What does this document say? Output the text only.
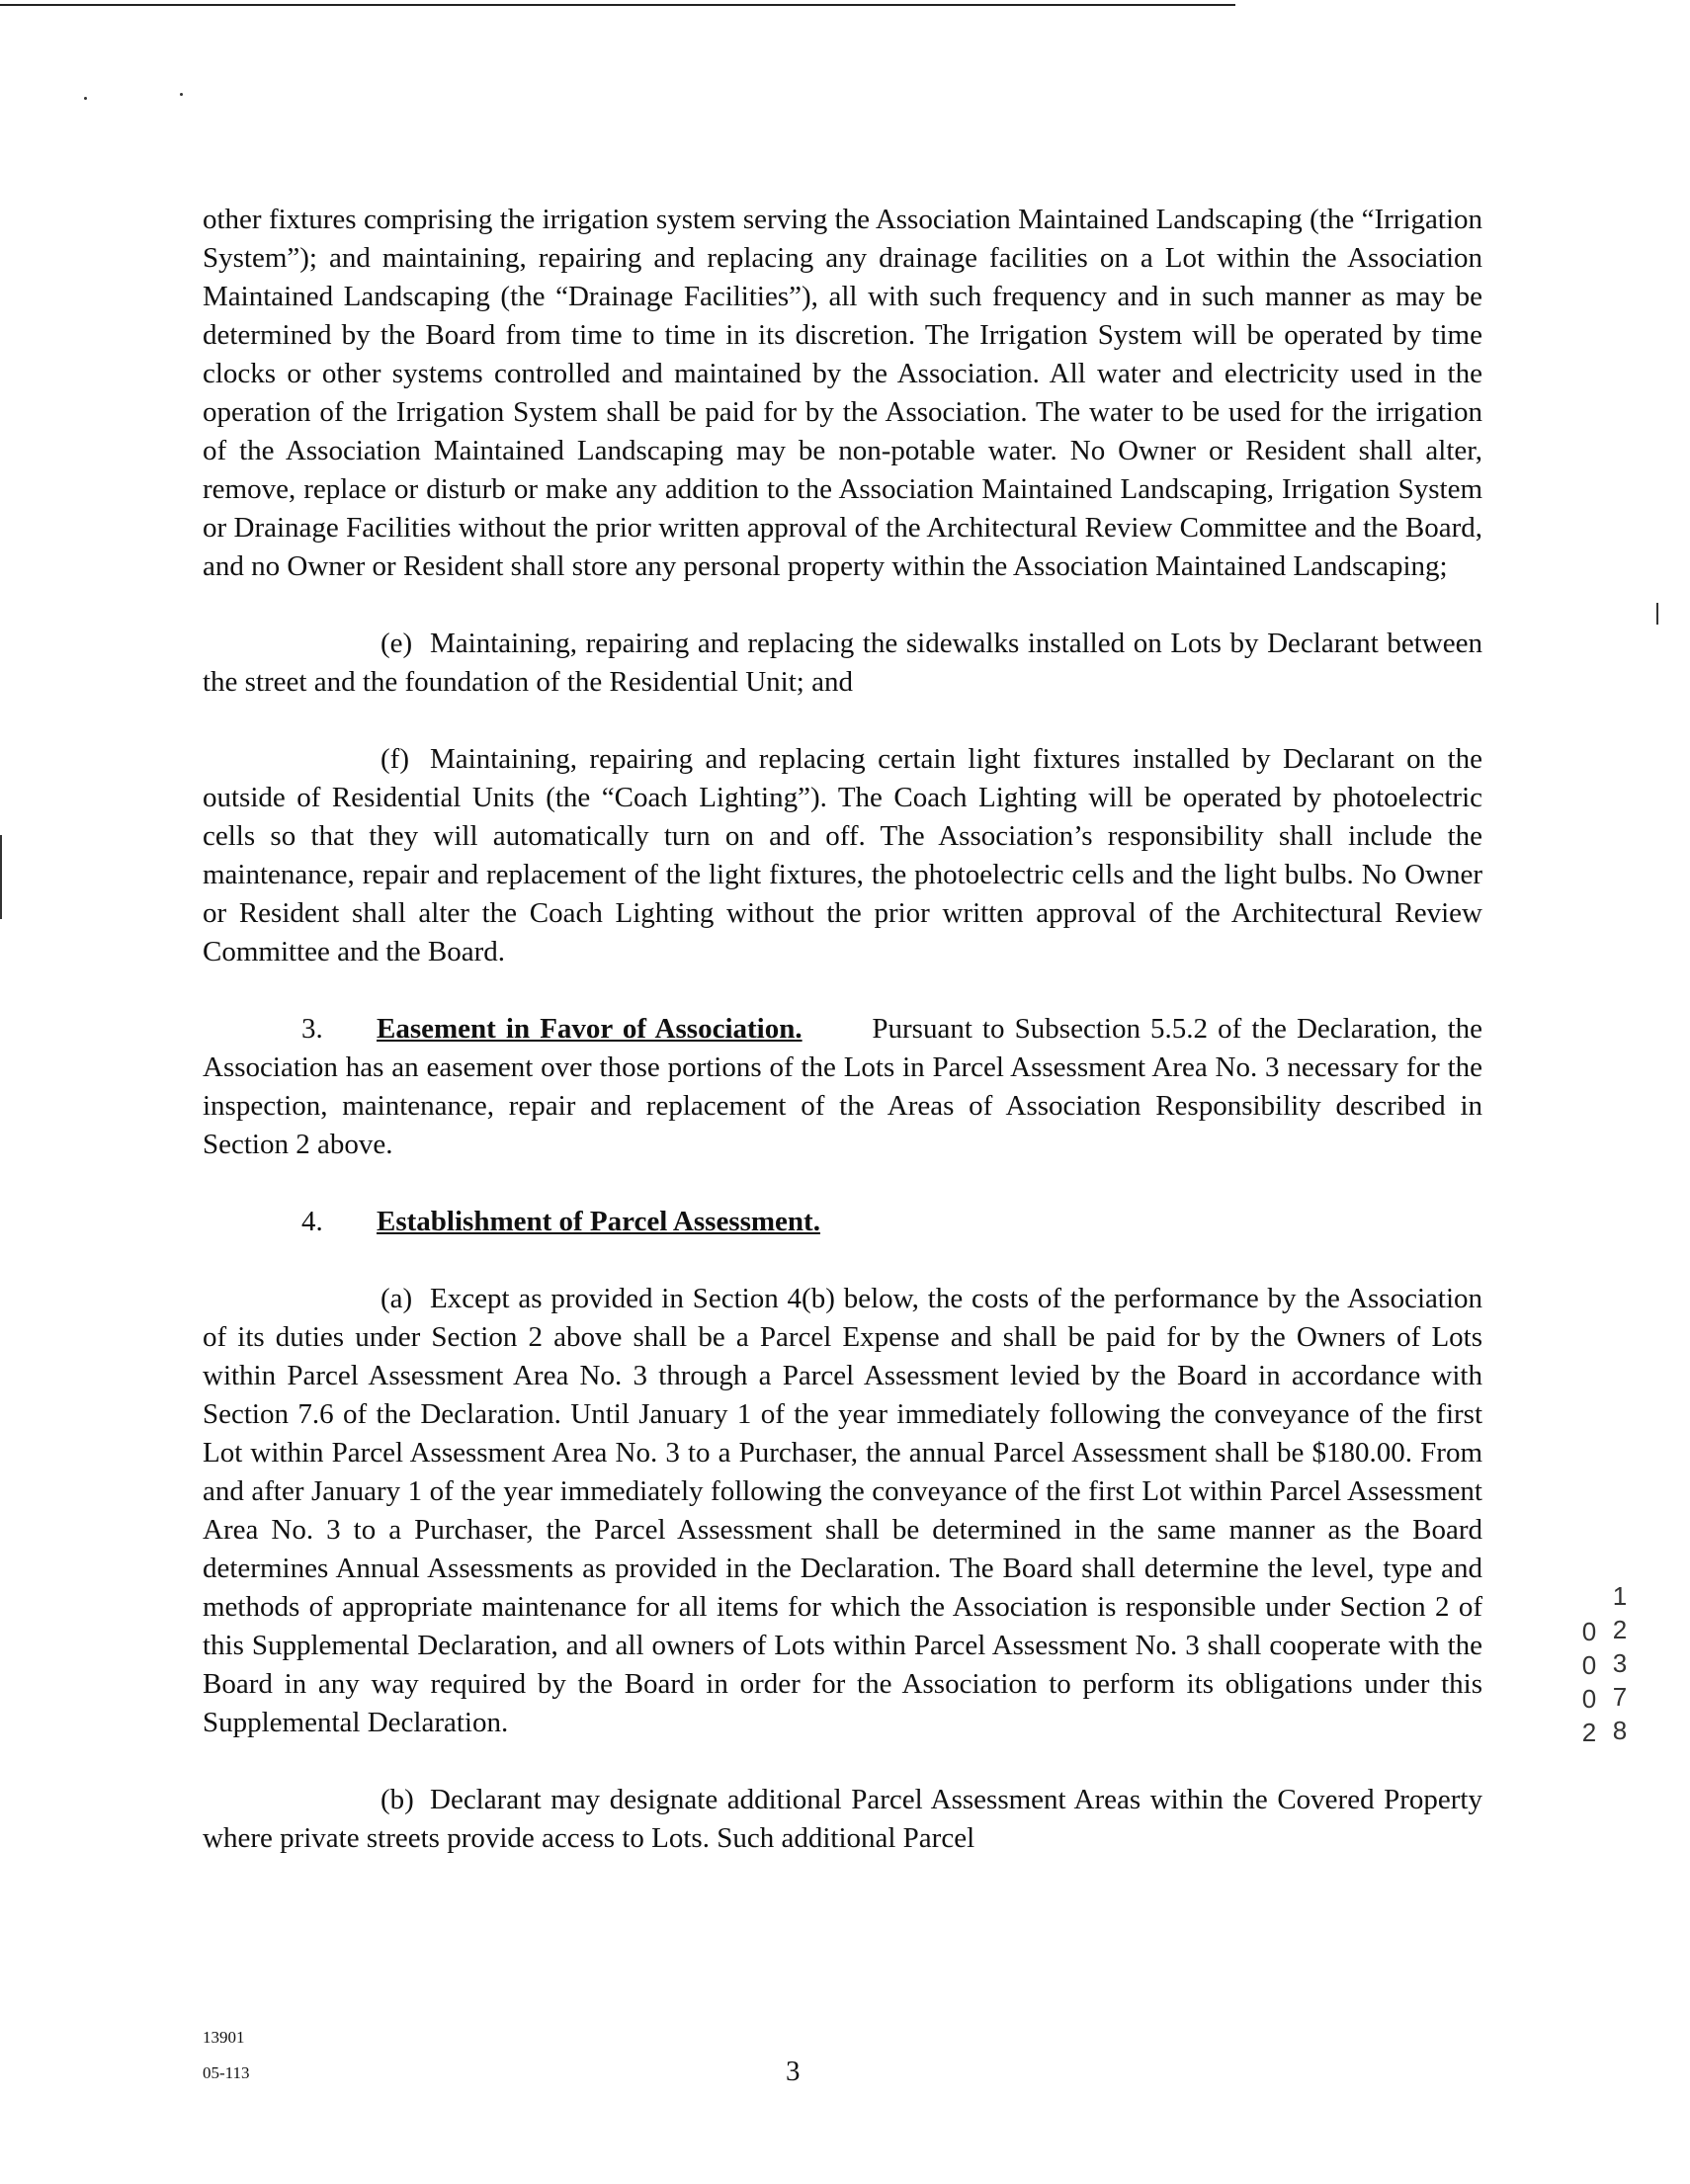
other fixtures comprising the irrigation system serving the Association Maintained Landscaping (the “Irrigation System”); and maintaining, repairing and replacing any drainage facilities on a Lot within the Association Maintained Landscaping (the “Drainage Facilities”), all with such frequency and in such manner as may be determined by the Board from time to time in its discretion. The Irrigation System will be operated by time clocks or other systems controlled and maintained by the Association. All water and electricity used in the operation of the Irrigation System shall be paid for by the Association. The water to be used for the irrigation of the Association Maintained Landscaping may be non-potable water. No Owner or Resident shall alter, remove, replace or disturb or make any addition to the Association Maintained Landscaping, Irrigation System or Drainage Facilities without the prior written approval of the Architectural Review Committee and the Board, and no Owner or Resident shall store any personal property within the Association Maintained Landscaping;

(e) Maintaining, repairing and replacing the sidewalks installed on Lots by Declarant between the street and the foundation of the Residential Unit; and

(f) Maintaining, repairing and replacing certain light fixtures installed by Declarant on the outside of Residential Units (the “Coach Lighting”). The Coach Lighting will be operated by photoelectric cells so that they will automatically turn on and off. The Association’s responsibility shall include the maintenance, repair and replacement of the light fixtures, the photoelectric cells and the light bulbs. No Owner or Resident shall alter the Coach Lighting without the prior written approval of the Architectural Review Committee and the Board.

3. Easement in Favor of Association. Pursuant to Subsection 5.5.2 of the Declaration, the Association has an easement over those portions of the Lots in Parcel Assessment Area No. 3 necessary for the inspection, maintenance, repair and replacement of the Areas of Association Responsibility described in Section 2 above.

4. Establishment of Parcel Assessment.

(a) Except as provided in Section 4(b) below, the costs of the performance by the Association of its duties under Section 2 above shall be a Parcel Expense and shall be paid for by the Owners of Lots within Parcel Assessment Area No. 3 through a Parcel Assessment levied by the Board in accordance with Section 7.6 of the Declaration. Until January 1 of the year immediately following the conveyance of the first Lot within Parcel Assessment Area No. 3 to a Purchaser, the annual Parcel Assessment shall be $180.00. From and after January 1 of the year immediately following the conveyance of the first Lot within Parcel Assessment Area No. 3 to a Purchaser, the Parcel Assessment shall be determined in the same manner as the Board determines Annual Assessments as provided in the Declaration. The Board shall determine the level, type and methods of appropriate maintenance for all items for which the Association is responsible under Section 2 of this Supplemental Declaration, and all owners of Lots within Parcel Assessment No. 3 shall cooperate with the Board in any way required by the Board in order for the Association to perform its obligations under this Supplemental Declaration.

(b) Declarant may designate additional Parcel Assessment Areas within the Covered Property where private streets provide access to Lots. Such additional Parcel

13901
05-113	3
12378
0002
